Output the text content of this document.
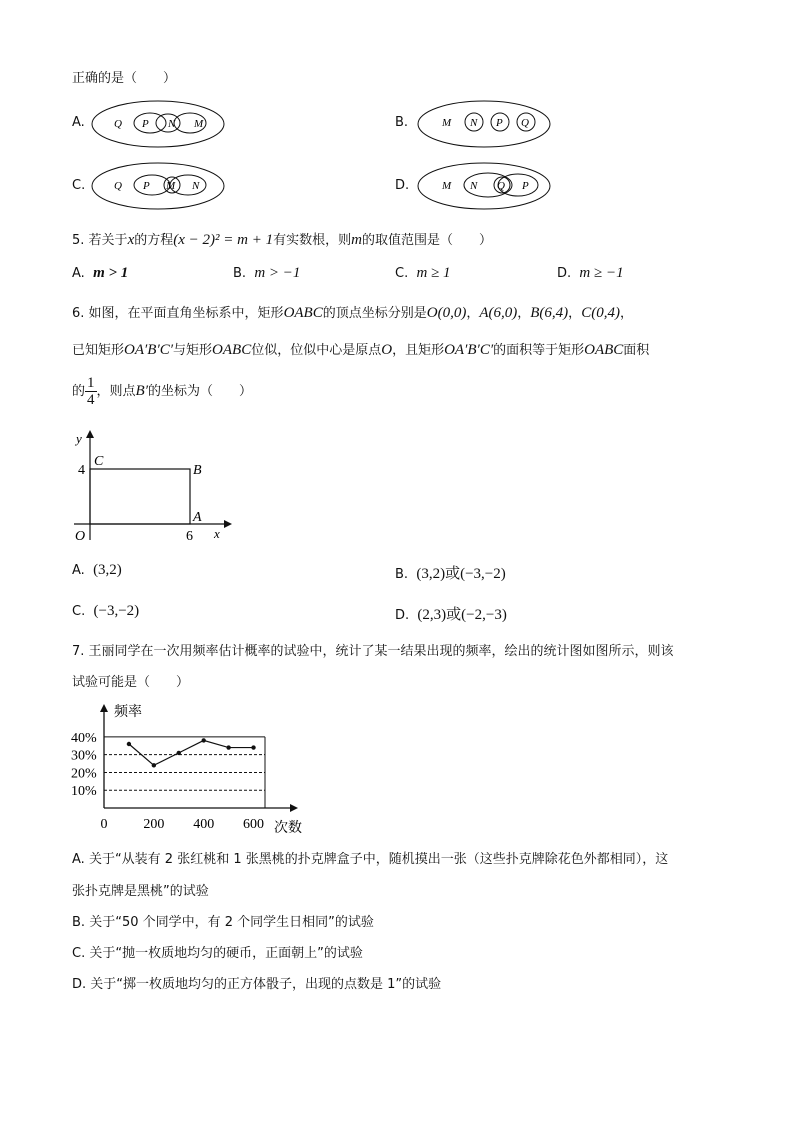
正确的是（　　）
A.	Q P N M	B.	M N P Q
C.	Q P M N	D.	M N Q P
5. 若关于x的方程(x − 2)² = m + 1有实数根，则m的取值范围是（　　）
A. m > 1	B. m > −1	C. m ≥ 1	D. m ≥ −1
6. 如图，在平面直角坐标系中，矩形OABC的顶点坐标分别是O(0,0)，A(6,0)，B(6,4)，C(0,4)，
已知矩形OA′B′C′与矩形OABC位似，位似中心是原点O，且矩形OA′B′C′的面积等于矩形OABC面积
的 $\frac{1}{4}$ ，则点B′的坐标为（　　）
y
x
4
6
O
C
B
A
A. (3,2)	B. (3,2)或(−3,−2)
C. (−3,−2)	D. (2,3)或(−2,−3)
7. 王丽同学在一次用频率估计概率的试验中，统计了某一结果出现的频率，绘出的统计图如图所示，则该
试验可能是（　　）
频率
次数
10%
20%
30%
40%
0	200 400 600
A. 关于“从装有 2 张红桃和 1 张黑桃的扑克牌盒子中，随机摸出一张（这些扑克牌除花色外都相同），这
张扑克牌是黑桃”的试验
B. 关于“50 个同学中，有 2 个同学生日相同”的试验
C. 关于“抛一枚质地均匀的硬币，正面朝上”的试验
D. 关于“掷一枚质地均匀的正方体骰子，出现的点数是 1”的试验
